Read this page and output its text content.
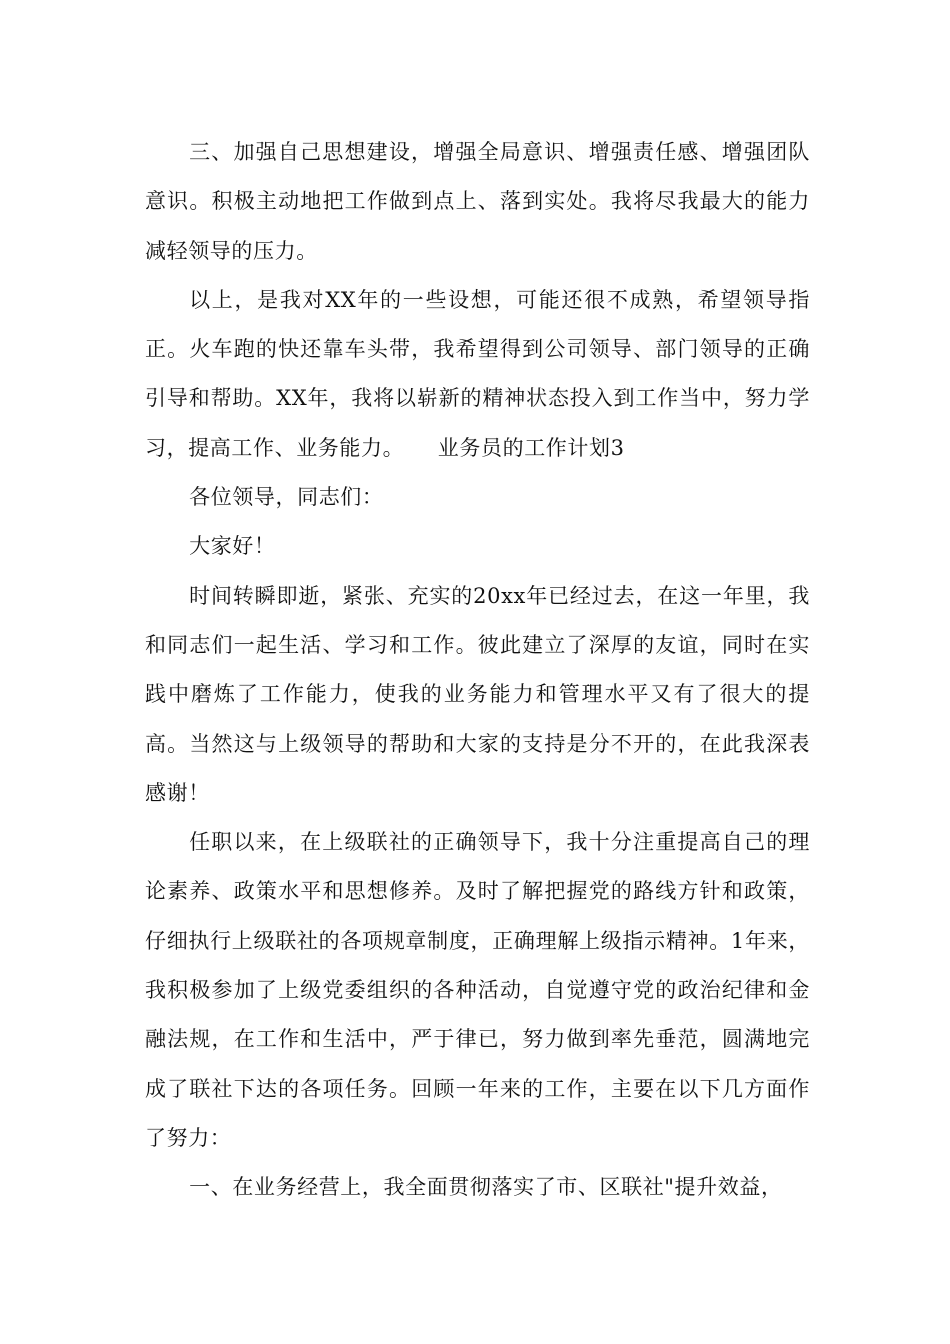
三、加强自己思想建设，增强全局意识、增强责任感、增强团队意识。积极主动地把工作做到点上、落到实处。我将尽我最大的能力减轻领导的压力。

以上，是我对XX年的一些设想，可能还很不成熟，希望领导指正。火车跑的快还靠车头带，我希望得到公司领导、部门领导的正确引导和帮助。XX年，我将以崭新的精神状态投入到工作当中，努力学习，提高工作、业务能力。 业务员的工作计划3

各位领导，同志们：

大家好！

时间转瞬即逝，紧张、充实的20xx年已经过去，在这一年里，我和同志们一起生活、学习和工作。彼此建立了深厚的友谊，同时在实践中磨炼了工作能力，使我的业务能力和管理水平又有了很大的提高。当然这与上级领导的帮助和大家的支持是分不开的，在此我深表感谢！

任职以来，在上级联社的正确领导下，我十分注重提高自己的理论素养、政策水平和思想修养。及时了解把握党的路线方针和政策，仔细执行上级联社的各项规章制度，正确理解上级指示精神。1年来，我积极参加了上级党委组织的各种活动，自觉遵守党的政治纪律和金融法规，在工作和生活中，严于律已，努力做到率先垂范，圆满地完成了联社下达的各项任务。回顾一年来的工作，主要在以下几方面作了努力：

一、在业务经营上，我全面贯彻落实了市、区联社"提升效益，
